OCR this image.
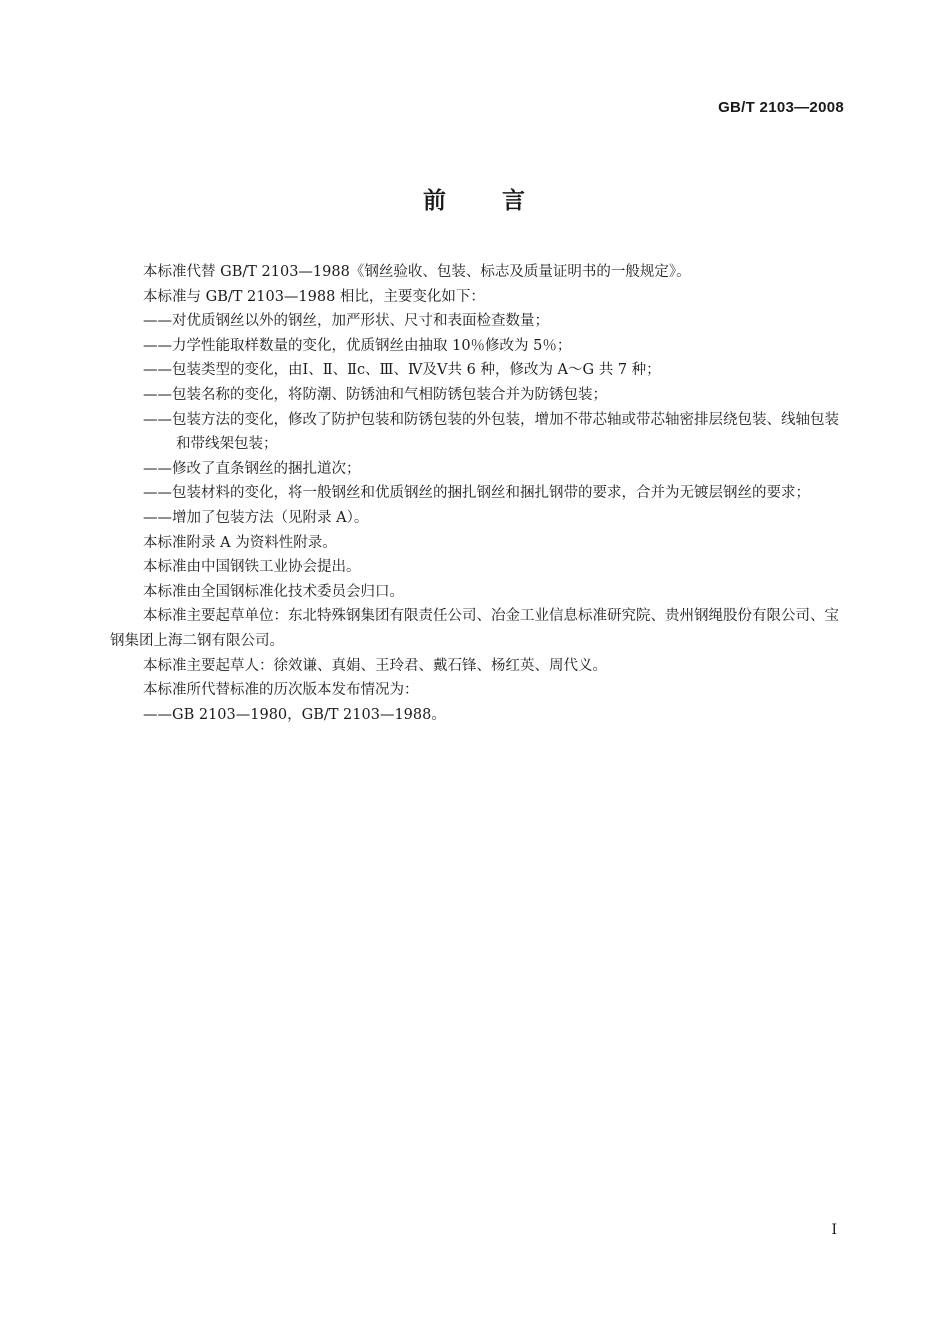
GB/T 2103—2008
前 言

本标准代替 GB/T 2103—1988《钢丝验收、包装、标志及质量证明书的一般规定》。

本标准与 GB/T 2103—1988 相比，主要变化如下：

——对优质钢丝以外的钢丝，加严形状、尺寸和表面检查数量；

——力学性能取样数量的变化，优质钢丝由抽取 10％修改为 5％；

——包装类型的变化，由Ⅰ、Ⅱ、Ⅱc、Ⅲ、Ⅳ及Ⅴ共 6 种，修改为 A～G 共 7 种；

——包装名称的变化，将防潮、防锈油和气相防锈包装合并为防锈包装；

——包装方法的变化，修改了防护包装和防锈包装的外包装，增加不带芯轴或带芯轴密排层绕包装、线轴包装和带线架包装；

——修改了直条钢丝的捆扎道次；

——包装材料的变化，将一般钢丝和优质钢丝的捆扎钢丝和捆扎钢带的要求，合并为无镀层钢丝的要求；

——增加了包装方法（见附录 A）。

本标准附录 A 为资料性附录。

本标准由中国钢铁工业协会提出。

本标准由全国钢标准化技术委员会归口。

本标准主要起草单位：东北特殊钢集团有限责任公司、冶金工业信息标准研究院、贵州钢绳股份有限公司、宝钢集团上海二钢有限公司。

本标准主要起草人：徐效谦、真娟、王玲君、戴石锋、杨红英、周代义。

本标准所代替标准的历次版本发布情况为：

——GB 2103—1980，GB/T 2103—1988。

I
